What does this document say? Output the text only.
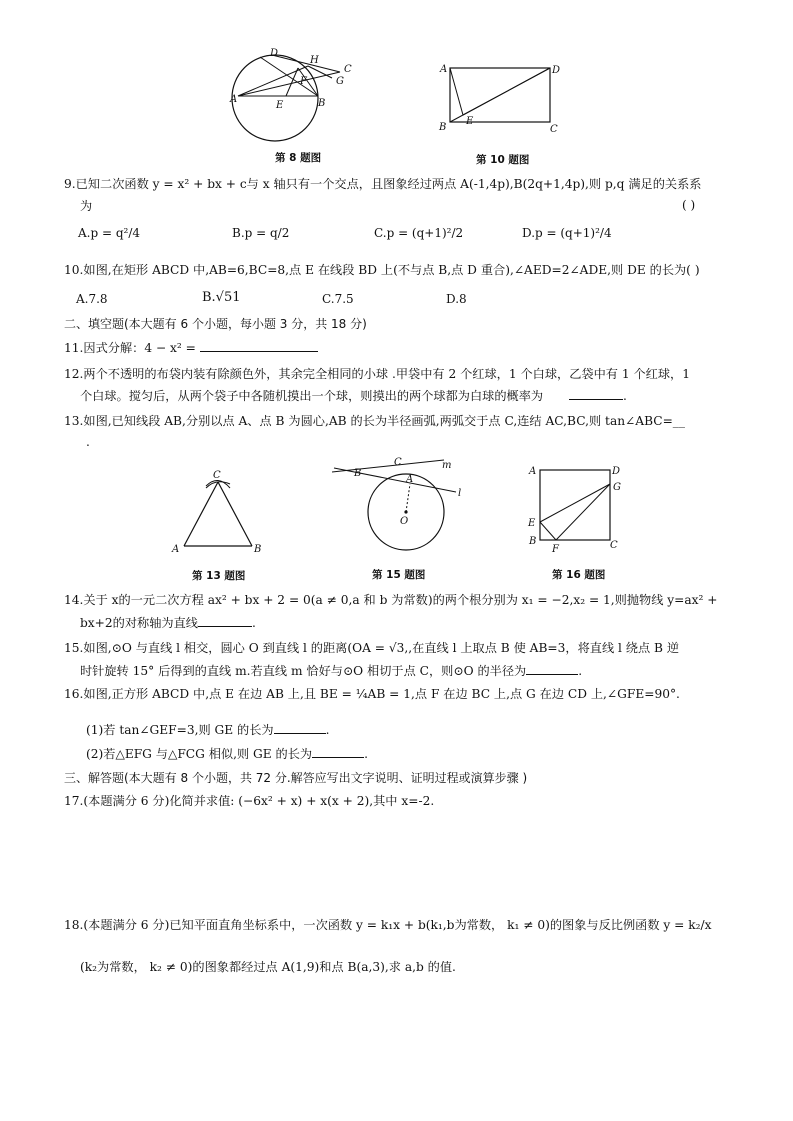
D
H
C
G
F
A
E	B
第 8 题图
A	D
B
E
C
第 10 题图
9.已知二次函数 y = x² + bx + c与 x 轴只有一个交点，且图象经过两点 A(-1,4p),B(2q+1,4p),则 p,q 满足的关系系
为	( )
A.p = q²/4	B.p = q/2	C.p = (q+1)²/2	D.p = (q+1)²/4
10.如图,在矩形 ABCD 中,AB=6,BC=8,点 E 在线段 BD 上(不与点 B,点 D 重合),∠AED=2∠ADE,则 DE 的长为( )
A.7.8	B.√51	C.7.5	D.8
二、填空题(本大题有 6 个小题，每小题 3 分，共 18 分)
11.因式分解：4 − x² =
12.两个不透明的布袋内装有除颜色外，其余完全相同的小球 .甲袋中有 2 个红球，1 个白球，乙袋中有 1 个红球，1
个白球。搅匀后，从两个袋子中各随机摸出一个球，则摸出的两个球都为白球的概率为	.
13.如图,已知线段 AB,分别以点 A、点 B 为圆心,AB 的长为半径画弧,两弧交于点 C,连结 AC,BC,则 tan∠ABC=__
.
C
A	B
第 13 题图
B
C	m
A
l
O
第 15 题图
A	D
G
E
B
F	C
第 16 题图
14.关于 x的一元二次方程 ax² + bx + 2 = 0(a ≠ 0,a 和 b 为常数)的两个根分别为 x₁ = −2,x₂ = 1,则抛物线 y=ax² +
bx+2的对称轴为直线	.
15.如图,⊙O 与直线 l 相交，圆心 O 到直线 l 的距离(OA = √3,,在直线 l 上取点 B 使 AB=3，将直线 l 绕点 B 逆
时针旋转 15° 后得到的直线 m.若直线 m 恰好与⊙O 相切于点 C，则⊙O 的半径为	.
16.如图,正方形 ABCD 中,点 E 在边 AB 上,且 BE = ¼AB = 1,点 F 在边 BC 上,点 G 在边 CD 上,∠GFE=90°.
(1)若 tan∠GEF=3,则 GE 的长为	.
(2)若△EFG 与△FCG 相似,则 GE 的长为	.
三、解答题(本大题有 8 个小题，共 72 分.解答应写出文字说明、证明过程或演算步骤 )
17.(本题满分 6 分)化简并求值: (−6x² + x) + x(x + 2),其中 x=-2.
18.(本题满分 6 分)已知平面直角坐标系中，一次函数 y = k₁x + b(k₁,b为常数， k₁ ≠ 0)的图象与反比例函数 y = k₂/x
(k₂为常数， k₂ ≠ 0)的图象都经过点 A(1,9)和点 B(a,3),求 a,b 的值.
